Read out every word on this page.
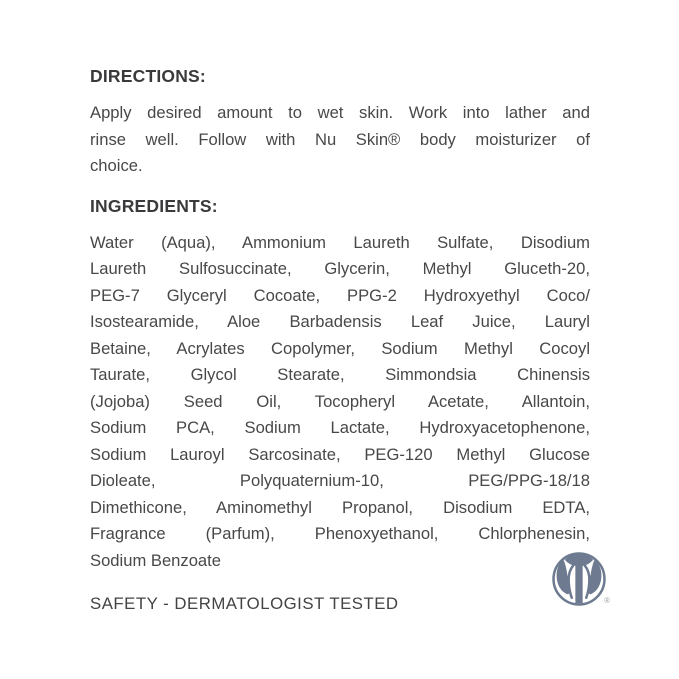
DIRECTIONS:
Apply desired amount to wet skin. Work into lather and
rinse well. Follow with Nu Skin® body moisturizer of
choice.
INGREDIENTS:
Water (Aqua), Ammonium Laureth Sulfate, Disodium
Laureth Sulfosuccinate, Glycerin, Methyl Gluceth-20,
PEG-7 Glyceryl Cocoate, PPG-2 Hydroxyethyl Coco/
Isostearamide, Aloe Barbadensis Leaf Juice, Lauryl
Betaine, Acrylates Copolymer, Sodium Methyl Cocoyl
Taurate, Glycol Stearate, Simmondsia Chinensis
(Jojoba) Seed Oil, Tocopheryl Acetate, Allantoin,
Sodium PCA, Sodium Lactate, Hydroxyacetophenone,
Sodium Lauroyl Sarcosinate, PEG-120 Methyl Glucose
Dioleate, Polyquaternium-10, PEG/PPG-18/18
Dimethicone, Aminomethyl Propanol, Disodium EDTA,
Fragrance (Parfum), Phenoxyethanol, Chlorphenesin,
Sodium Benzoate
SAFETY - DERMATOLOGIST TESTED	®
